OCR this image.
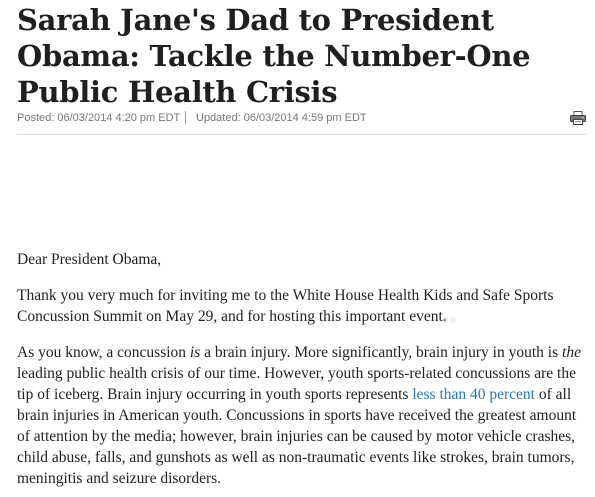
Sarah Jane's Dad to President Obama: Tackle the Number-One Public Health Crisis
Posted: 06/03/2014 4:20 pm EDT Updated: 06/03/2014 4:59 pm EDT

Dear President Obama,

Thank you very much for inviting me to the White House Health Kids and Safe Sports Concussion Summit on May 29, and for hosting this important event.

As you know, a concussion is a brain injury. More significantly, brain injury in youth is the leading public health crisis of our time. However, youth sports-related concussions are the tip of iceberg. Brain injury occurring in youth sports represents less than 40 percent of all brain injuries in American youth. Concussions in sports have received the greatest amount of attention by the media; however, brain injuries can be caused by motor vehicle crashes, child abuse, falls, and gunshots as well as non-traumatic events like strokes, brain tumors, meningitis and seizure disorders.
